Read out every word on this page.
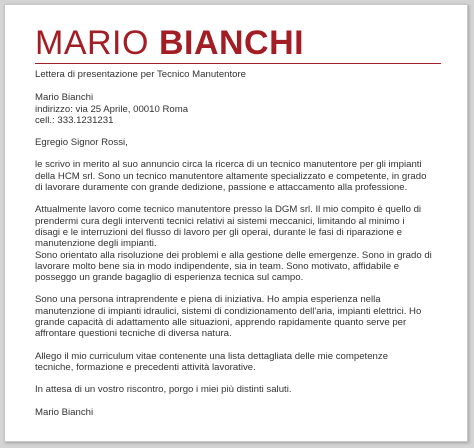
MARIO BIANCHI
Lettera di presentazione per Tecnico Manutentore
Mario Bianchi
indirizzo: via 25 Aprile, 00010 Roma
cell.: 333.1231231
Egregio Signor Rossi,
le scrivo in merito al suo annuncio circa la ricerca di un tecnico manutentore per gli impianti
della HCM srl. Sono un tecnico manutentore altamente specializzato e competente, in grado
di lavorare duramente con grande dedizione, passione e attaccamento alla professione.
Attualmente lavoro come tecnico manutentore presso la DGM srl. Il mio compito è quello di
prendermi cura degli interventi tecnici relativi ai sistemi meccanici, limitando al minimo i
disagi e le interruzioni del flusso di lavoro per gli operai, durante le fasi di riparazione e
manutenzione degli impianti.
Sono orientato alla risoluzione dei problemi e alla gestione delle emergenze. Sono in grado di
lavorare molto bene sia in modo indipendente, sia in team. Sono motivato, affidabile e
posseggo un grande bagaglio di esperienza tecnica sul campo.
Sono una persona intraprendente e piena di iniziativa. Ho ampia esperienza nella
manutenzione di impianti idraulici, sistemi di condizionamento dell'aria, impianti elettrici. Ho
grande capacità di adattamento alle situazioni, apprendo rapidamente quanto serve per
affrontare questioni tecniche di diversa natura.
Allego il mio curriculum vitae contenente una lista dettagliata delle mie competenze
tecniche, formazione e precedenti attività lavorative.
In attesa di un vostro riscontro, porgo i miei più distinti saluti.
Mario Bianchi
